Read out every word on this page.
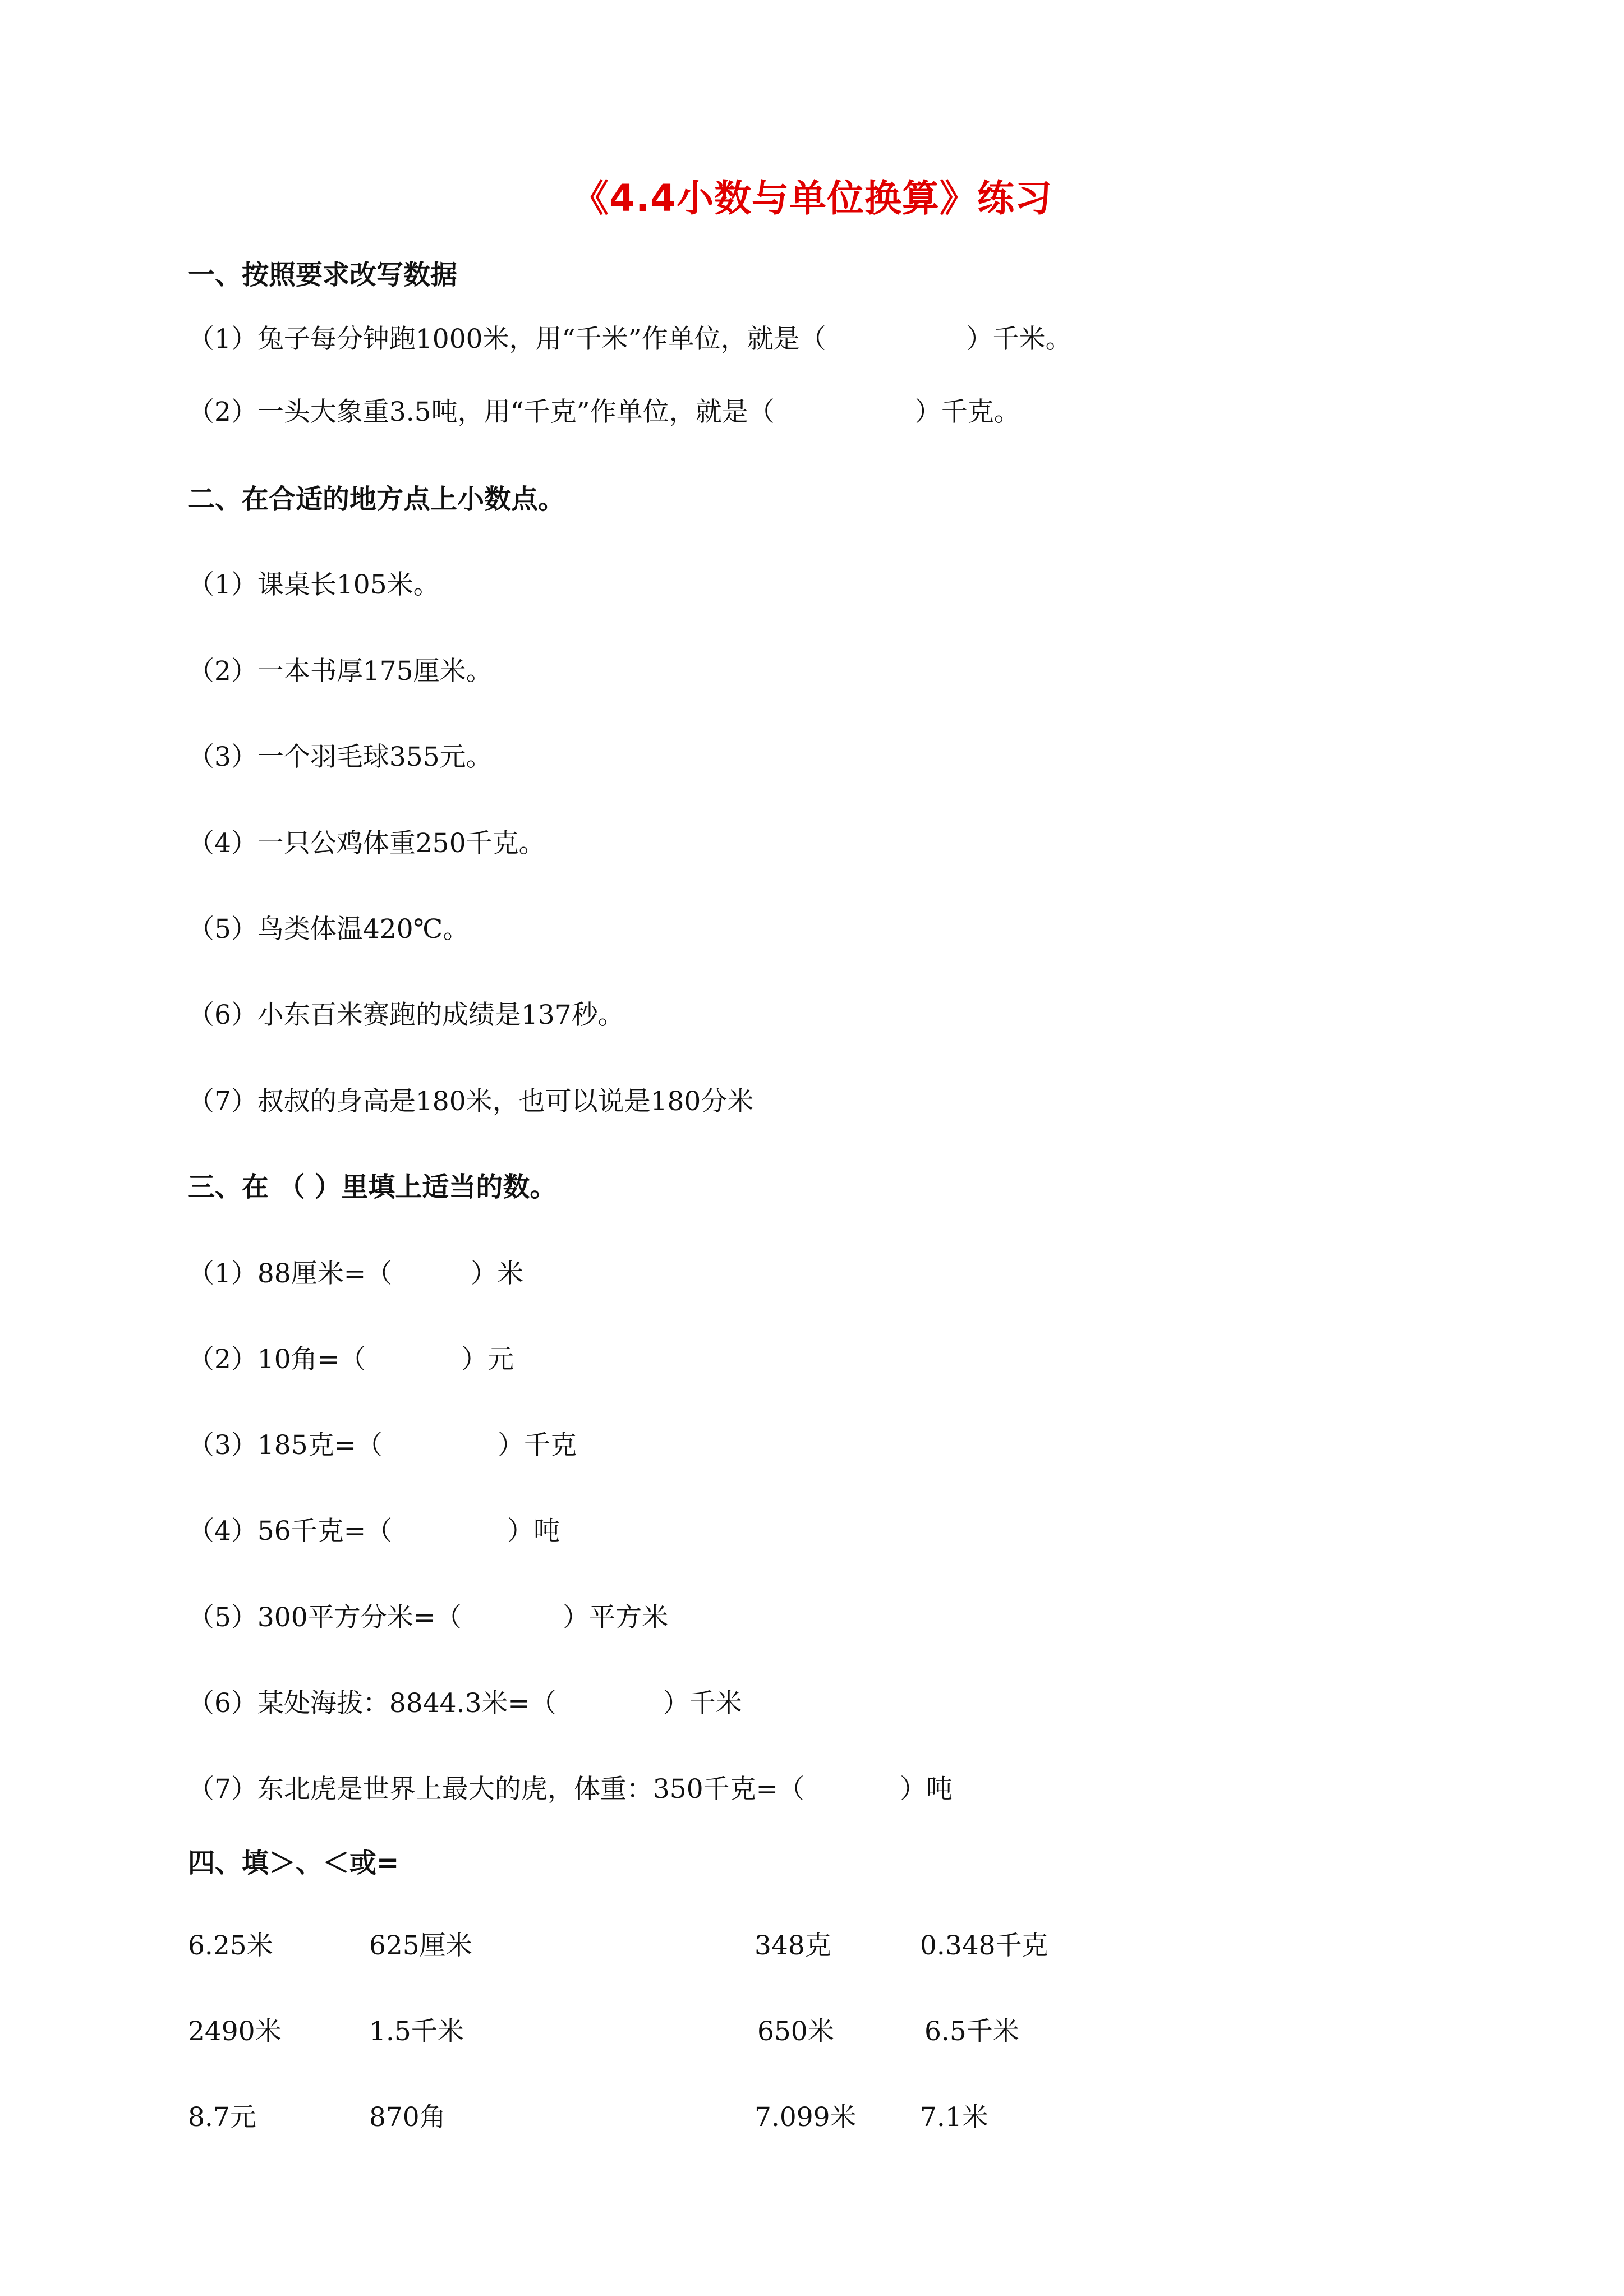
《4.4小数与单位换算》练习
一、按照要求改写数据
（1）兔子每分钟跑1000米，用“千米”作单位，就是（	）千米。
（2）一头大象重3.5吨，用“千克”作单位，就是（	）千克。
二、在合适的地方点上小数点。
（1）课桌长105米。
（2）一本书厚175厘米。
（3）一个羽毛球355元。
（4）一只公鸡体重250千克。
（5）鸟类体温420℃。
（6）小东百米赛跑的成绩是137秒。
（7）叔叔的身高是180米，也可以说是180分米
三、在 （ ）里填上适当的数。
（1）88厘米=（	）米
（2）10角=（	）元
（3）185克=（	）千克
（4）56千克=（	）吨
（5）300平方分米=（	）平方米
（6）某处海拔：8844.3米=（	）千米
（7）东北虎是世界上最大的虎，体重：350千克=（	）吨
四、填＞、＜或=
6.25米	625厘米	348克	0.348千克
2490米	1.5千米	650米	6.5千米
8.7元	870角	7.099米 7.1米
